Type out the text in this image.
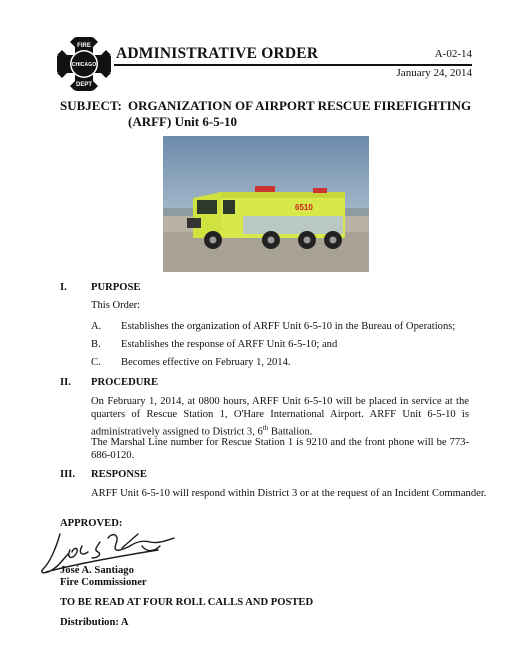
FIRE
CHICAGO
DEPT
ADMINISTRATIVE ORDER	A-02-14
January 24, 2014
SUBJECT: ORGANIZATION OF AIRPORT RESCUE FIREFIGHTING
(ARFF) Unit 6-5-10
6510
I. PURPOSE
This Order:
A. Establishes the organization of ARFF Unit 6-5-10 in the Bureau of Operations;
B. Establishes the response of ARFF Unit 6-5-10; and
C. Becomes effective on February 1, 2014.
II. PROCEDURE
On February 1, 2014, at 0800 hours, ARFF Unit 6-5-10 will be placed in service at the quarters of Rescue Station 1, O'Hare International Airport. ARFF Unit 6-5-10 is administratively assigned to District 3, 6th Battalion.
The Marshal Line number for Rescue Station 1 is 9210 and the front phone will be 773-686-0120.
III. RESPONSE
ARFF Unit 6-5-10 will respond within District 3 or at the request of an Incident Commander.
APPROVED:
José A. Santiago
Fire Commissioner
TO BE READ AT FOUR ROLL CALLS AND POSTED
Distribution: A
